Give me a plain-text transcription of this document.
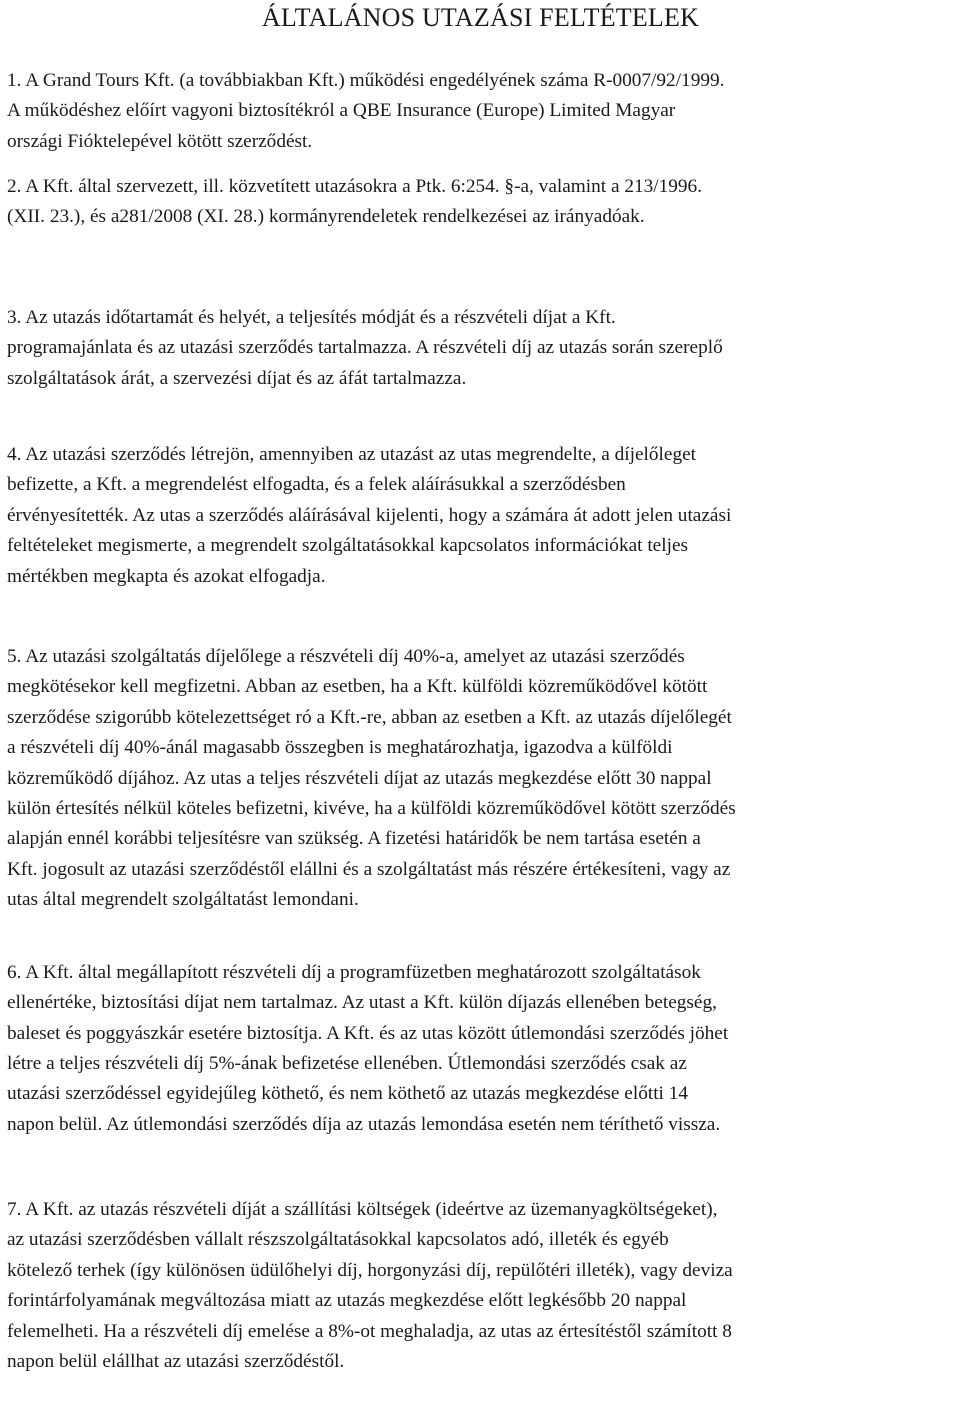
ÁLTALÁNOS UTAZÁSI FELTÉTELEK
1. A Grand Tours Kft. (a továbbiakban Kft.) működési engedélyének száma R-0007/92/1999.
A működéshez előírt vagyoni biztosítékról a QBE Insurance (Europe) Limited Magyar
országi Fióktelepével kötött szerződést.
2. A Kft. által szervezett, ill. közvetített utazásokra a Ptk. 6:254. §-a, valamint a 213/1996.
(XII. 23.), és a281/2008 (XI. 28.) kormányrendeletek rendelkezései az irányadóak.
3. Az utazás időtartamát és helyét, a teljesítés módját és a részvételi díjat a Kft.
programajánlata és az utazási szerződés tartalmazza. A részvételi díj az utazás során szereplő
szolgáltatások árát, a szervezési díjat és az áfát tartalmazza.
4. Az utazási szerződés létrejön, amennyiben az utazást az utas megrendelte, a díjelőleget
befizette, a Kft. a megrendelést elfogadta, és a felek aláírásukkal a szerződésben
érvényesítették. Az utas a szerződés aláírásával kijelenti, hogy a számára át adott jelen utazási
feltételeket megismerte, a megrendelt szolgáltatásokkal kapcsolatos információkat teljes
mértékben megkapta és azokat elfogadja.
5. Az utazási szolgáltatás díjelőlege a részvételi díj 40%-a, amelyet az utazási szerződés
megkötésekor kell megfizetni. Abban az esetben, ha a Kft. külföldi közreműködővel kötött
szerződése szigorúbb kötelezettséget ró a Kft.-re, abban az esetben a Kft. az utazás díjelőlegét
a részvételi díj 40%-ánál magasabb összegben is meghatározhatja, igazodva a külföldi
közreműködő díjához. Az utas a teljes részvételi díjat az utazás megkezdése előtt 30 nappal
külön értesítés nélkül köteles befizetni, kivéve, ha a külföldi közreműködővel kötött szerződés
alapján ennél korábbi teljesítésre van szükség. A fizetési határidők be nem tartása esetén a
Kft. jogosult az utazási szerződéstől elállni és a szolgáltatást más részére értékesíteni, vagy az
utas által megrendelt szolgáltatást lemondani.
6. A Kft. által megállapított részvételi díj a programfüzetben meghatározott szolgáltatások
ellenértéke, biztosítási díjat nem tartalmaz. Az utast a Kft. külön díjazás ellenében betegség,
baleset és poggyászkár esetére biztosítja. A Kft. és az utas között útlemondási szerződés jöhet
létre a teljes részvételi díj 5%-ának befizetése ellenében. Útlemondási szerződés csak az
utazási szerződéssel egyidejűleg köthető, és nem köthető az utazás megkezdése előtti 14
napon belül. Az útlemondási szerződés díja az utazás lemondása esetén nem téríthető vissza.
7. A Kft. az utazás részvételi díját a szállítási költségek (ideértve az üzemanyagköltségeket),
az utazási szerződésben vállalt részszolgáltatásokkal kapcsolatos adó, illeték és egyéb
kötelező terhek (így különösen üdülőhelyi díj, horgonyzási díj, repülőtéri illeték), vagy deviza
forintárfolyamának megváltozása miatt az utazás megkezdése előtt legkésőbb 20 nappal
felemelheti. Ha a részvételi díj emelése a 8%-ot meghaladja, az utas az értesítéstől számított 8
napon belül elállhat az utazási szerződéstől.
